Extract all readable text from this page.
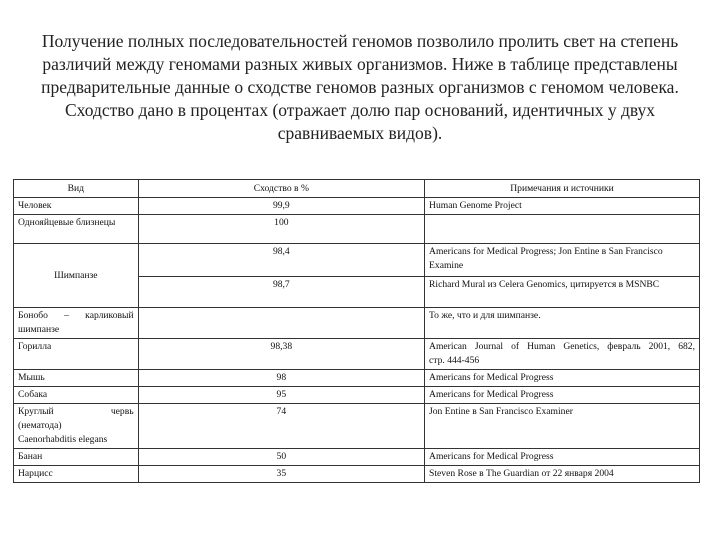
Получение полных последовательностей геномов позволило пролить свет на степень различий между геномами разных живых организмов. Ниже в таблице представлены предварительные данные о сходстве геномов разных организмов с геномом человека. Сходство дано в процентах (отражает долю пар оснований, идентичных у двух сравниваемых видов).
Вид	Сходство в %	Примечания и источники
Человек	99,9	Human Genome Project
Однояйцевые близнецы	100	
Шимпанзе	98,4	Americans for Medical Progress; Jon Entine в San Francisco Examine
	98,7	Richard Mural из Celera Genomics, цитируется в MSNBC

Бонобо – карликовый
шимпанзе		То же, что и для шимпанзе.
Горилла	98,38	American Journal of Human Genetics, февраль 2001, 682,
стр. 444-456

Мышь	98	Americans for Medical Progress
Собака	95	Americans for Medical Progress

Круглый червь
(нематода)
Caenorhabditis elegans	74	Jon Entine в San Francisco Examiner
Банан	50	Americans for Medical Progress
Нарцисс	35	Steven Rose в The Guardian от 22 января 2004
